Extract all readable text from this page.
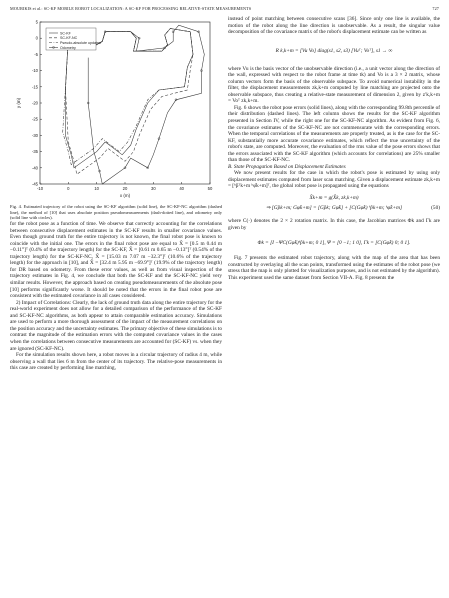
MOURIKIS et al.: SC-KF MOBILE ROBOT LOCALIZATION: A SC-KF FOR PROCESSING RELATIVE-STATE MEASUREMENTS	727
-10	0	10	20	30	40	50
5
0
-5
-10
-15
-20
-25
-30
-35
-40
-45
x (m)
y (m)
SC-KF
SC-KF-NC
Pseudo-absolute updates
Odometry

Fig. 4. Estimated trajectory of the robot using the SC-KF algorithm (solid line), the SC-KF-NC algorithm (dashed line), the method of [10] that uses absolute position pseudomeasurements (dash-dotted line), and odometry only (solid line with circles).

for the robot pose as a function of time. We observe that correctly accounting for the correlations between consecutive displacement estimates in the SC-KF results in smaller covariance values. Even though ground truth for the entire trajectory is not known, the final robot pose is known to coincide with the initial one. The errors in the final robot pose are equal to X̃ = [0.5 m 0.44 m −0.11°]ᵀ (0.4% of the trajectory length) for the SC-KF, X̃ = [0.61 m 0.65 m −0.13°]ᵀ (0.54% of the trajectory length) for the SC-KF-NC, X̃ = [15.03 m 7.07 m −32.3°]ᵀ (10.6% of the trajectory length) for the approach in [10], and X̃ = [32.4 m 5.95 m −69.9°]ᵀ (19.9% of the trajectory length) for DR based on odometry. From these error values, as well as from visual inspection of the trajectory estimates in Fig. 4, we conclude that both the SC-KF and the SC-KF-NC yield very similar results. However, the approach based on creating pseudomeasurements of the absolute pose [10] performs significantly worse. It should be noted that the errors in the final robot pose are consistent with the estimated covariance in all cases considered.

2) Impact of Correlations: Clearly, the lack of ground truth data along the entire trajectory for the real-world experiment does not allow for a detailed comparison of the performance of the SC-KF and SC-KF-NC algorithms, as both appear to attain comparable estimation accuracy. Simulations are used to perform a more thorough assessment of the impact of the measurement correlations on the position accuracy and the uncertainty estimates. The primary objective of these simulations is to contrast the magnitude of the estimation errors with the computed covariance values in the cases when the correlations between consecutive measurements are accounted for (SC-KF) vs. when they are ignored (SC-KF-NC).

For the simulation results shown here, a robot moves in a circular trajectory of radius 4 m, while observing a wall that lies 6 m from the center of its trajectory. The relative-pose measurements in this case are created by performing line matching,

instead of point matching between consecutive scans [36]. Since only one line is available, the motion of the robot along the line direction is unobservable. As a result, the singular value decomposition of the covariance matrix of the robot's displacement estimate can be written as

R k,k+m = [Vu Vo] diag(s1, s2, s3) [Vuᵀ; Voᵀ], s1 → ∞

where Vu is the basis vector of the unobservable direction (i.e., a unit vector along the direction of the wall, expressed with respect to the robot frame at time tk) and Vo is a 3 × 2 matrix, whose column vectors form the basis of the observable subspace. To avoid numerical instability in the filter, the displacement measurements zk,k+m computed by line matching are projected onto the observable subspace, thus creating a relative-state measurement of dimension 2, given by z′k,k+m = Voᵀ zk,k+m.

Fig. 6 shows the robot pose errors (solid lines), along with the corresponding 99.8th percentile of their distribution (dashed lines). The left column shows the results for the SC-KF algorithm presented in Section IV, while the right one for the SC-KF-NC algorithm. As evident from Fig. 6, the covariance estimates of the SC-KF-NC are not commensurate with the corresponding errors. When the temporal correlations of the measurements are properly treated, as is the case for the SC-KF, substantially more accurate covariance estimates, which reflect the true uncertainty of the robot's state, are computed. Moreover, the evaluation of the rms value of the pose errors shows that the errors associated with the SC-KF algorithm (which accounts for correlations) are 25% smaller than those of the SC-KF-NC.

B. State Propagation Based on Displacement Estimates

We now present results for the case in which the robot's pose is estimated by using only displacement estimates computed from laser scan matching. Given a displacement estimate zk,k+m = [ᵏp̂ᵀk+m ᵏφ̂k+m]ᵀ, the global robot pose is propagated using the equations

X̂k+m = g(X̂k, zk,k+m)
⇒ [Gp̂k+m; Gφ̂k+m] = [Gp̂k; Gφ̂k] + [C(Gφ̂k) ᵏp̂k+m; ᵏφ̂k+m]	(50)

where C(·) denotes the 2 × 2 rotation matrix. In this case, the Jacobian matrices Φk and Γk are given by

Φk = [I −ΨC(Gφ̂k)ᵏp̂k+m; 0 1], Ψ = [0 −1; 1 0], Γk = [C(Gφ̂k) 0; 0 1].

Fig. 7 presents the estimated robot trajectory, along with the map of the area that has been constructed by overlaying all the scan points, transformed using the estimates of the robot pose (we stress that the map is only plotted for visualization purposes, and is not estimated by the algorithm). This experiment used the same dataset from Section VII-A. Fig. 8 presents the
